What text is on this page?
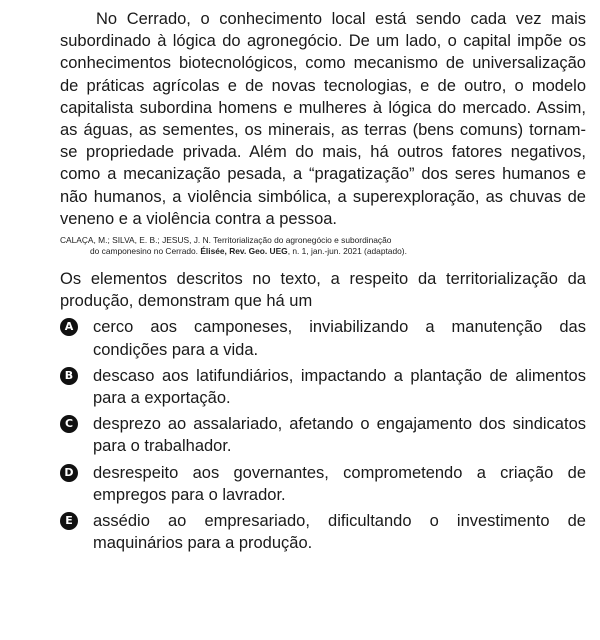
No Cerrado, o conhecimento local está sendo cada vez mais subordinado à lógica do agronegócio. De um lado, o capital impõe os conhecimentos biotecnológicos, como mecanismo de universalização de práticas agrícolas e de novas tecnologias, e de outro, o modelo capitalista subordina homens e mulheres à lógica do mercado. Assim, as águas, as sementes, os minerais, as terras (bens comuns) tornam-se propriedade privada. Além do mais, há outros fatores negativos, como a mecanização pesada, a “pragatização” dos seres humanos e não humanos, a violência simbólica, a superexploração, as chuvas de veneno e a violência contra a pessoa.

CALAÇA, M.; SILVA, E. B.; JESUS, J. N. Territorialização do agronegócio e subordinação
do camponesino no Cerrado. Élisée, Rev. Geo. UEG, n. 1, jan.-jun. 2021 (adaptado).

Os elementos descritos no texto, a respeito da territorialização da produção, demonstram que há um

A cerco aos camponeses, inviabilizando a manutenção das condições para a vida.
B descaso aos latifundiários, impactando a plantação de alimentos para a exportação.
C	desprezo ao assalariado, afetando o engajamento dos sindicatos para o trabalhador.
D desrespeito aos governantes, comprometendo a criação de empregos para o lavrador.
E	assédio ao empresariado, dificultando o investimento de maquinários para a produção.
